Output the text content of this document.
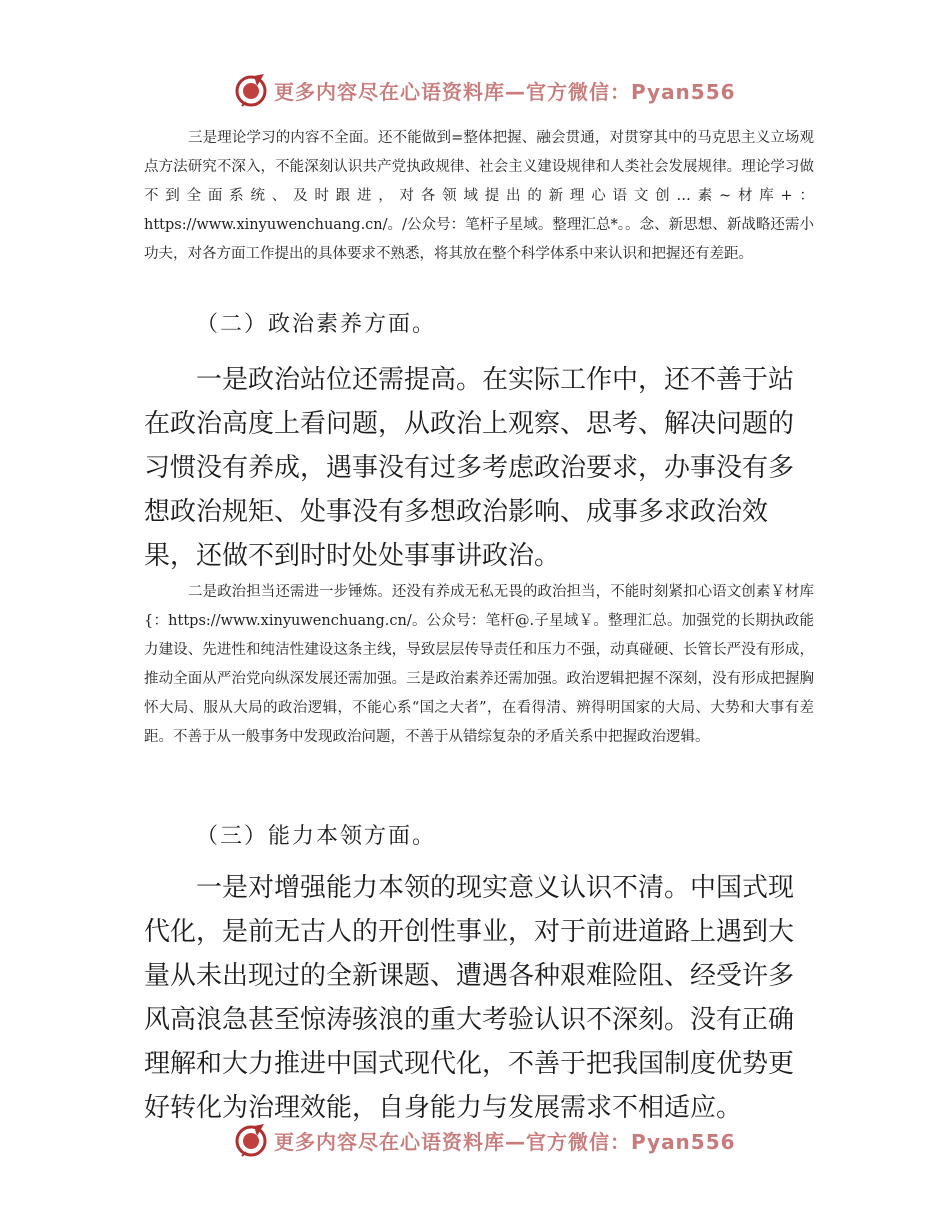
更多内容尽在心语资料库—官方微信：Pyan556

三是理论学习的内容不全面。还不能做到=整体把握、融会贯通，对贯穿其中的马克思主义立场观点方法研究不深入，不能深刻认识共产党执政规律、社会主义建设规律和人类社会发展规律。理论学习做不到全面系统、及时跟进，对各领域提出的新理心语文创…素~材库+：https://www.xinyuwenchuang.cn/。/公众号：笔杆子星域。整理汇总*。。念、新思想、新战略还需小功夫，对各方面工作提出的具体要求不熟悉，将其放在整个科学体系中来认识和把握还有差距。

（二）政治素养方面。

一是政治站位还需提高。在实际工作中，还不善于站在政治高度上看问题，从政治上观察、思考、解决问题的习惯没有养成，遇事没有过多考虑政治要求，办事没有多想政治规矩、处事没有多想政治影响、成事多求政治效果，还做不到时时处处事事讲政治。

二是政治担当还需进一步锤炼。还没有养成无私无畏的政治担当，不能时刻紧扣心语文创素￥材库{：https://www.xinyuwenchuang.cn/。公众号：笔杆@.子星域￥。整理汇总。加强党的长期执政能力建设、先进性和纯洁性建设这条主线，导致层层传导责任和压力不强，动真碰硬、长管长严没有形成，推动全面从严治党向纵深发展还需加强。三是政治素养还需加强。政治逻辑把握不深刻，没有形成把握胸怀大局、服从大局的政治逻辑，不能心系“国之大者”，在看得清、辨得明国家的大局、大势和大事有差距。不善于从一般事务中发现政治问题，不善于从错综复杂的矛盾关系中把握政治逻辑。

（三）能力本领方面。

一是对增强能力本领的现实意义认识不清。中国式现代化，是前无古人的开创性事业，对于前进道路上遇到大量从未出现过的全新课题、遭遇各种艰难险阻、经受许多风高浪急甚至惊涛骇浪的重大考验认识不深刻。没有正确理解和大力推进中国式现代化，不善于把我国制度优势更好转化为治理效能，自身能力与发展需求不相适应。

更多内容尽在心语资料库—官方微信：Pyan556
